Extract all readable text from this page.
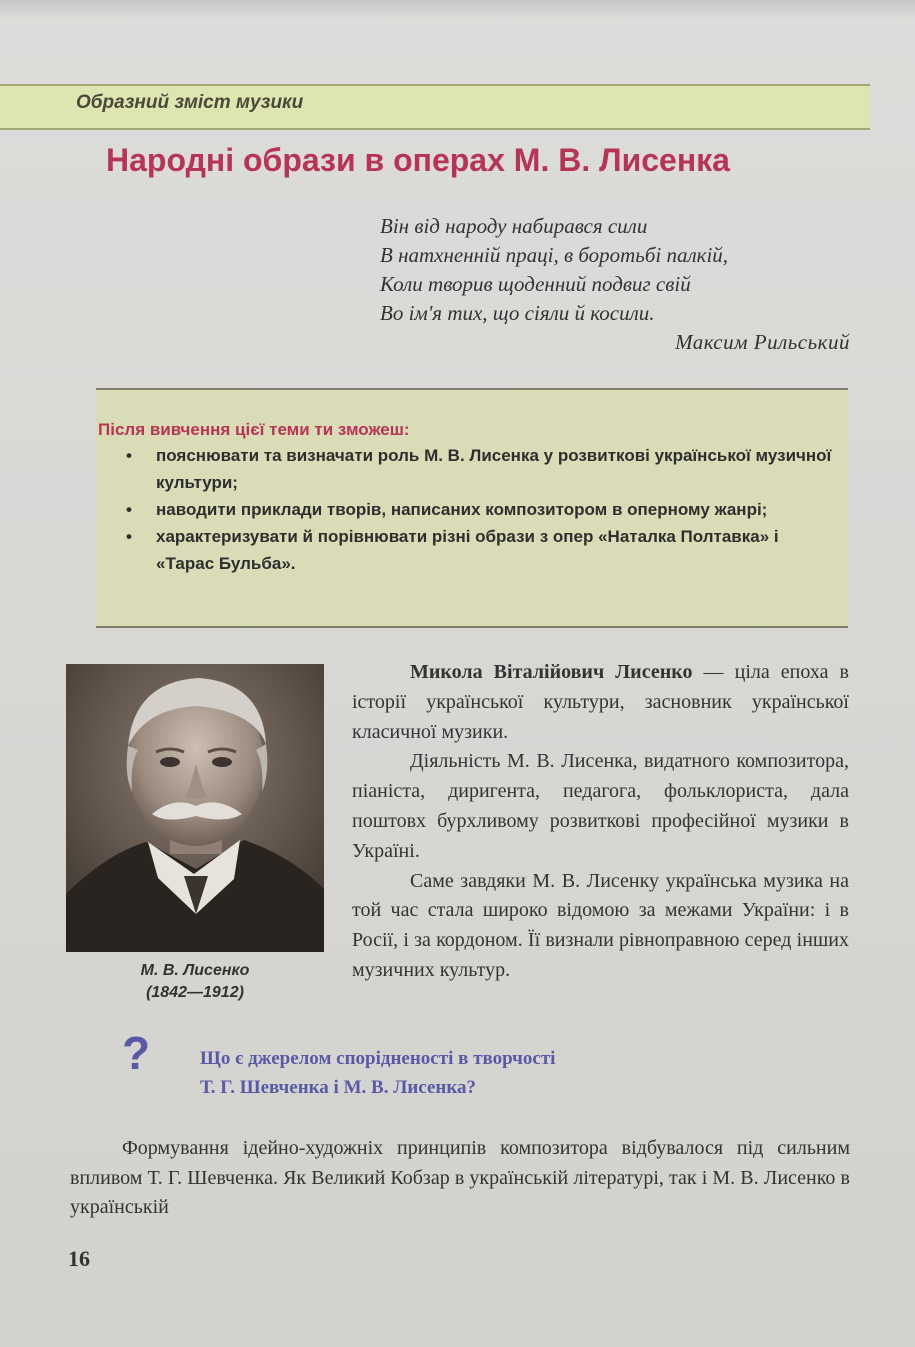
Образний зміст музики
Народні образи в операх М. В. Лисенка
Він від народу набирався сили
В натхненній праці, в боротьбі палкій,
Коли творив щоденний подвиг свій
Во ім'я тих, що сіяли й косили.
Максим Рильський
Після вивчення цієї теми ти зможеш:
• пояснювати та визначати роль М. В. Лисенка у розвиткові української музичної культури;
• наводити приклади творів, написаних композитором в оперному жанрі;
• характеризувати й порівнювати різні образи з опер «Наталка Полтавка» і «Тарас Бульба».
М. В. Лисенко
(1842—1912)

Микола Віталійович Лисенко — ціла епоха в історії української культури, засновник української класичної музики.

Діяльність М. В. Лисенка, видатного композитора, піаніста, диригента, педагога, фольклориста, дала поштовх бурхливому розвиткові професійної музики в Україні.

Саме завдяки М. В. Лисенку українська музика на той час стала широко відомою за межами України: і в Росії, і за кордоном. Її визнали рівноправною серед інших музичних культур.

?	Що є джерелом спорідненості в творчості
Т. Г. Шевченка і М. В. Лисенка?

Формування ідейно-художніх принципів композитора відбувалося під сильним впливом Т. Г. Шевченка. Як Великий Кобзар в українській літературі, так і М. В. Лисенко в українській

16
